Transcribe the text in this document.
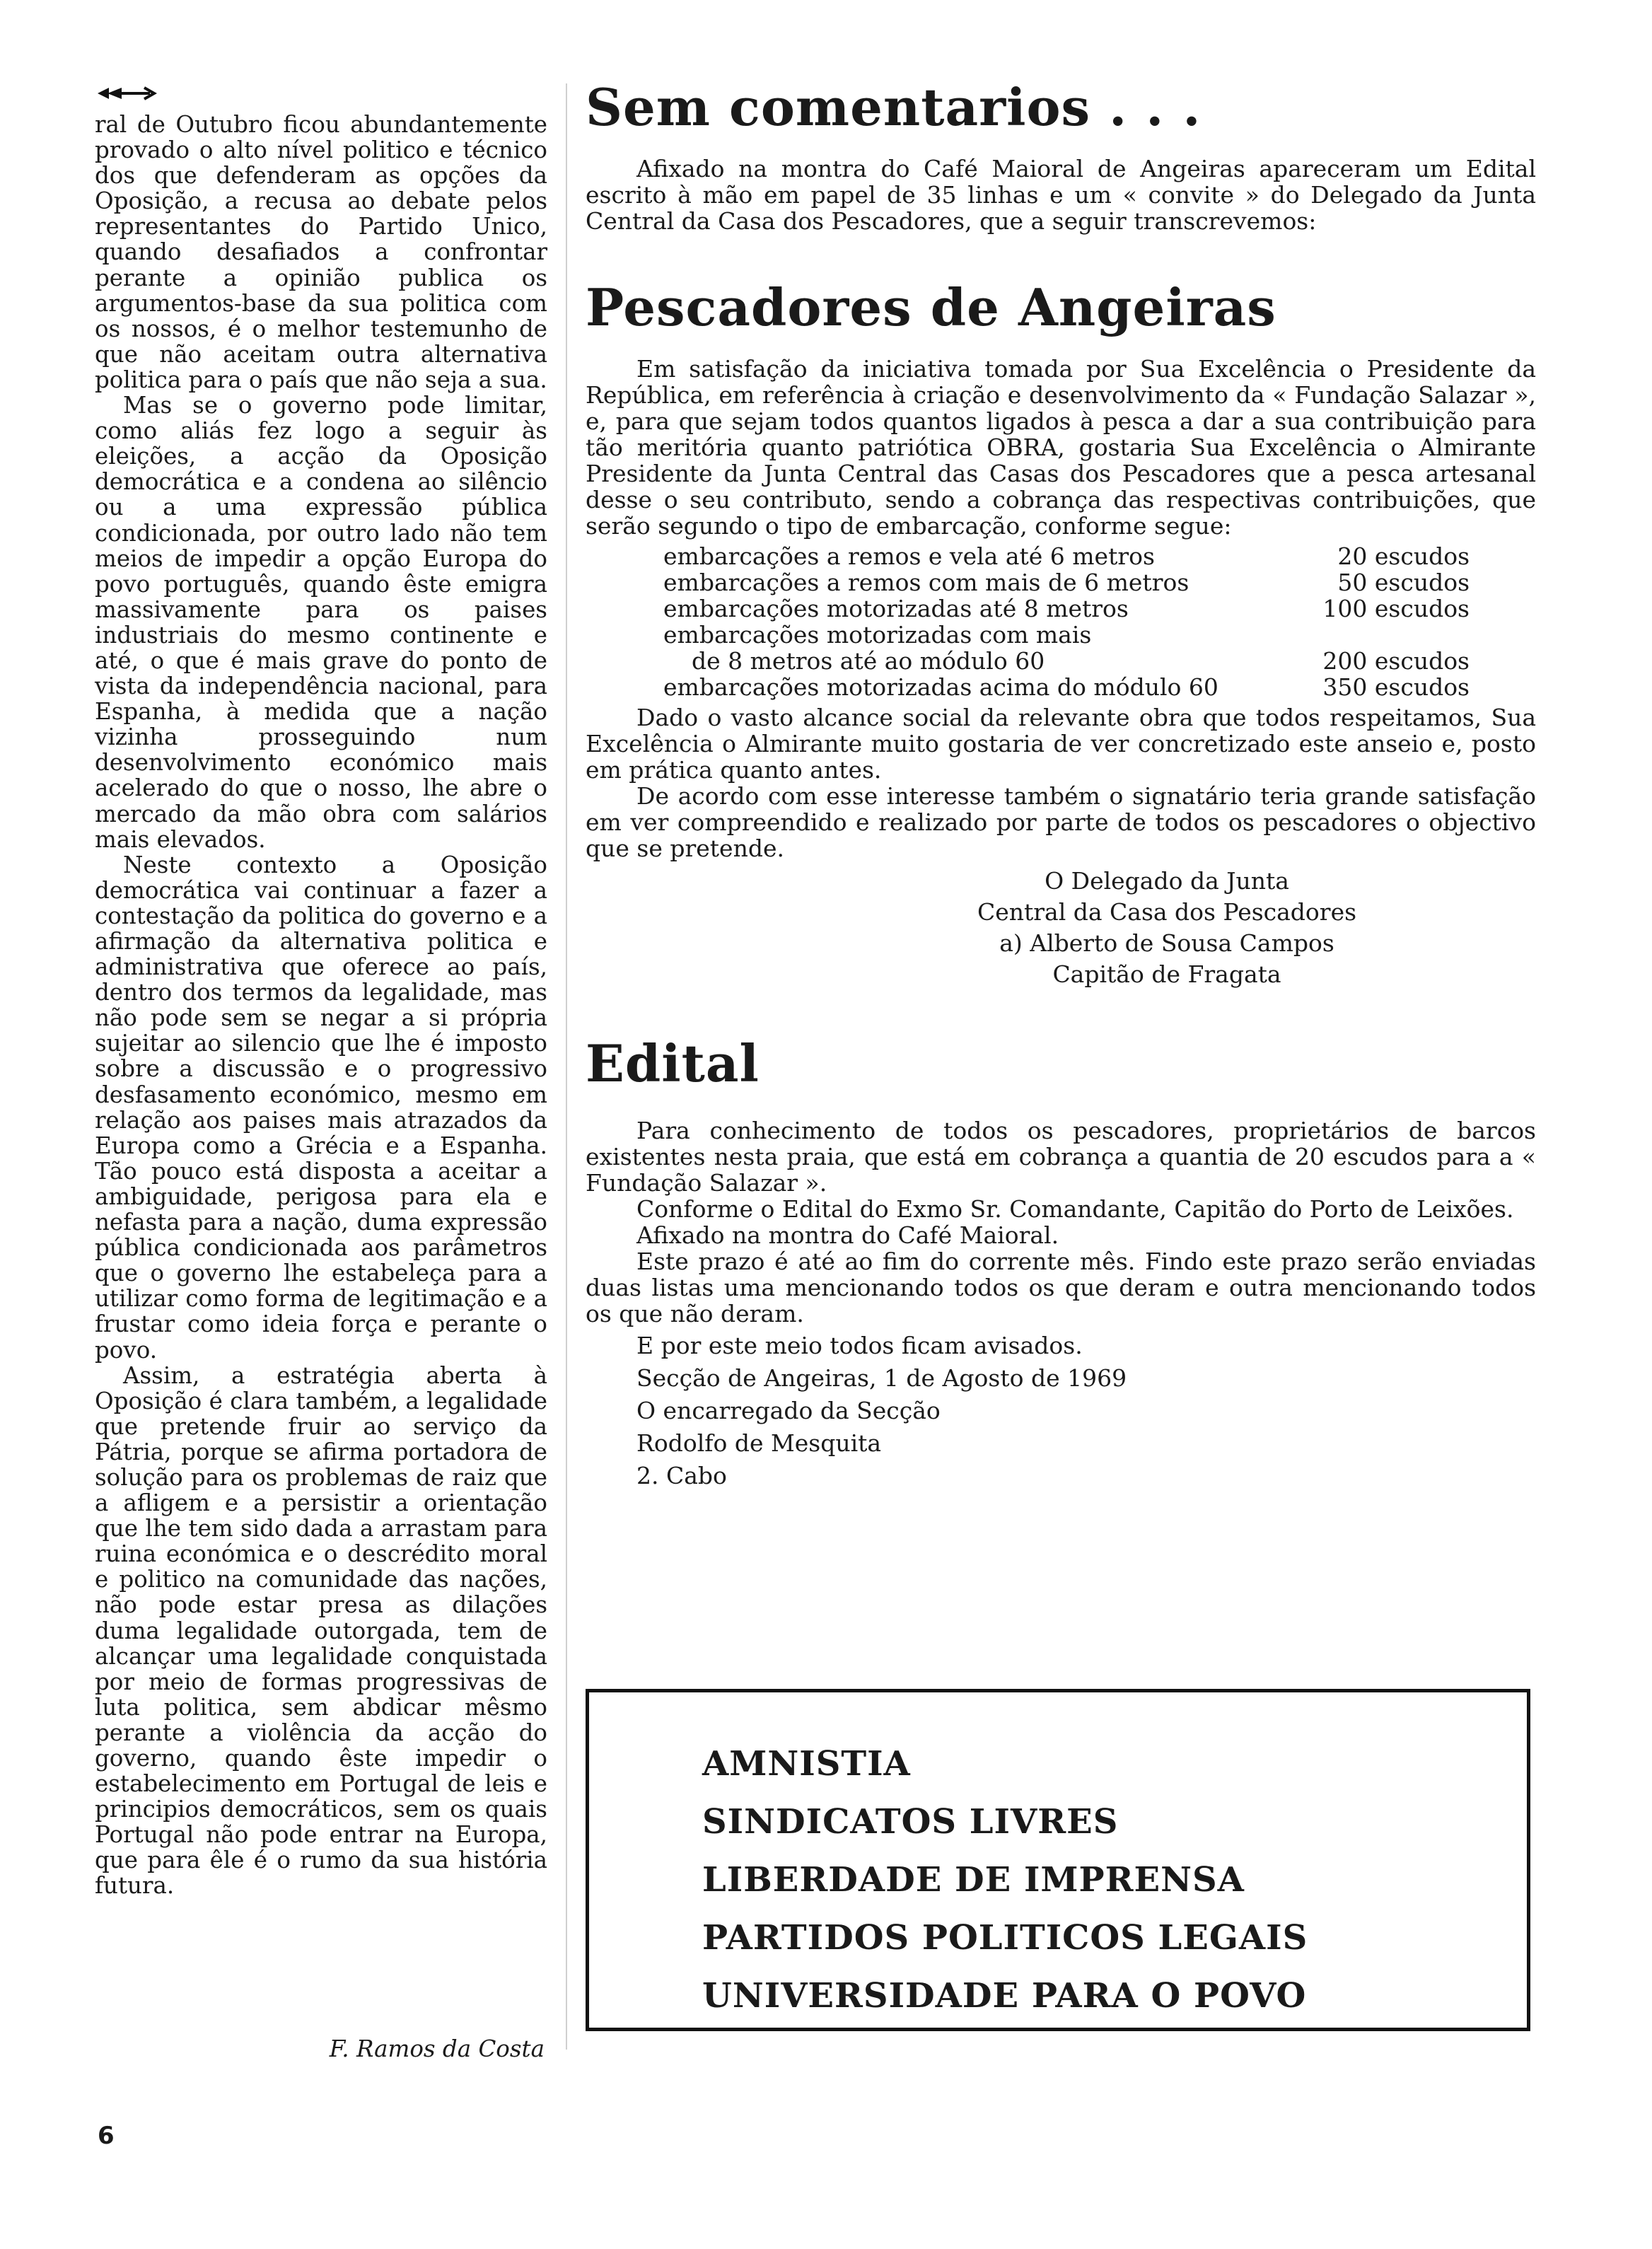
ral de Outubro ficou abundantemente provado o alto nível politico e técnico dos que defenderam as opções da Oposição, a recusa ao debate pelos representantes do Partido Unico, quando desafiados a confrontar perante a opinião publica os argumentos-base da sua politica com os nossos, é o melhor testemunho de que não aceitam outra alternativa politica para o país que não seja a sua.

Mas se o governo pode limitar, como aliás fez logo a seguir às eleições, a acção da Oposição democrática e a condena ao silêncio ou a uma expressão pública condicionada, por outro lado não tem meios de impedir a opção Europa do povo português, quando êste emigra massivamente para os paises industriais do mesmo continente e até, o que é mais grave do ponto de vista da independência nacional, para Espanha, à medida que a nação vizinha prosseguindo num desenvolvimento económico mais acelerado do que o nosso, lhe abre o mercado da mão obra com salários mais elevados.

Neste contexto a Oposição democrática vai continuar a fazer a contestação da politica do governo e a afirmação da alternativa politica e administrativa que oferece ao país, dentro dos termos da legalidade, mas não pode sem se negar a si própria sujeitar ao silencio que lhe é imposto sobre a discussão e o progressivo desfasamento económico, mesmo em relação aos paises mais atrazados da Europa como a Grécia e a Espanha. Tão pouco está disposta a aceitar a ambiguidade, perigosa para ela e nefasta para a nação, duma expressão pública condicionada aos parâmetros que o governo lhe estabeleça para a utilizar como forma de legitimação e a frustar como ideia força e perante o povo.

Assim, a estratégia aberta à Oposição é clara também, a legalidade que pretende fruir ao serviço da Pátria, porque se afirma portadora de solução para os problemas de raiz que a afligem e a persistir a orientação que lhe tem sido dada a arrastam para ruina económica e o descrédito moral e politico na comunidade das nações, não pode estar presa as dilações duma legalidade outorgada, tem de alcançar uma legalidade conquistada por meio de formas progressivas de luta politica, sem abdicar mêsmo perante a violência da acção do governo, quando êste impedir o estabelecimento em Portugal de leis e principios democráticos, sem os quais Portugal não pode entrar na Europa, que para êle é o rumo da sua história futura.

F. Ramos da Costa
6
Sem comentarios . . .

Afixado na montra do Café Maioral de Angeiras apareceram um Edital escrito à mão em papel de 35 linhas e um « convite » do Delegado da Junta Central da Casa dos Pescadores, que a seguir transcrevemos:

Pescadores de Angeiras

Em satisfação da iniciativa tomada por Sua Excelência o Presidente da República, em referência à criação e desenvolvimento da « Fundação Salazar », e, para que sejam todos quantos ligados à pesca a dar a sua contribuição para tão meritória quanto patriótica OBRA, gostaria Sua Excelência o Almirante Presidente da Junta Central das Casas dos Pescadores que a pesca artesanal desse o seu contributo, sendo a cobrança das respectivas contribuições, que serão segundo o tipo de embarcação, conforme segue:

embarcações a remos e vela até 6 metros	20 escudos
embarcações a remos com mais de 6 metros	50 escudos
embarcações motorizadas até 8 metros	100 escudos

embarcações motorizadas com mais
de 8 metros até ao módulo 60	200 escudos
embarcações motorizadas acima do módulo 60	350 escudos

Dado o vasto alcance social da relevante obra que todos respeitamos, Sua Excelência o Almirante muito gostaria de ver concretizado este anseio e, posto em prática quanto antes.

De acordo com esse interesse também o signatário teria grande satisfação em ver compreendido e realizado por parte de todos os pescadores o objectivo que se pretende.

O Delegado da Junta
Central da Casa dos Pescadores
a) Alberto de Sousa Campos
Capitão de Fragata
Edital

Para conhecimento de todos os pescadores, proprietários de barcos existentes nesta praia, que está em cobrança a quantia de 20 escudos para a « Fundação Salazar ».

Conforme o Edital do Exmo Sr. Comandante, Capitão do Porto de Leixões.

Afixado na montra do Café Maioral.

Este prazo é até ao fim do corrente mês. Findo este prazo serão enviadas duas listas uma mencionando todos os que deram e outra mencionando todos os que não deram.

E por este meio todos ficam avisados.
Secção de Angeiras, 1 de Agosto de 1969
O encarregado da Secção
Rodolfo de Mesquita
2. Cabo
AMNISTIA
SINDICATOS LIVRES
LIBERDADE DE IMPRENSA
PARTIDOS POLITICOS LEGAIS
UNIVERSIDADE PARA O POVO
